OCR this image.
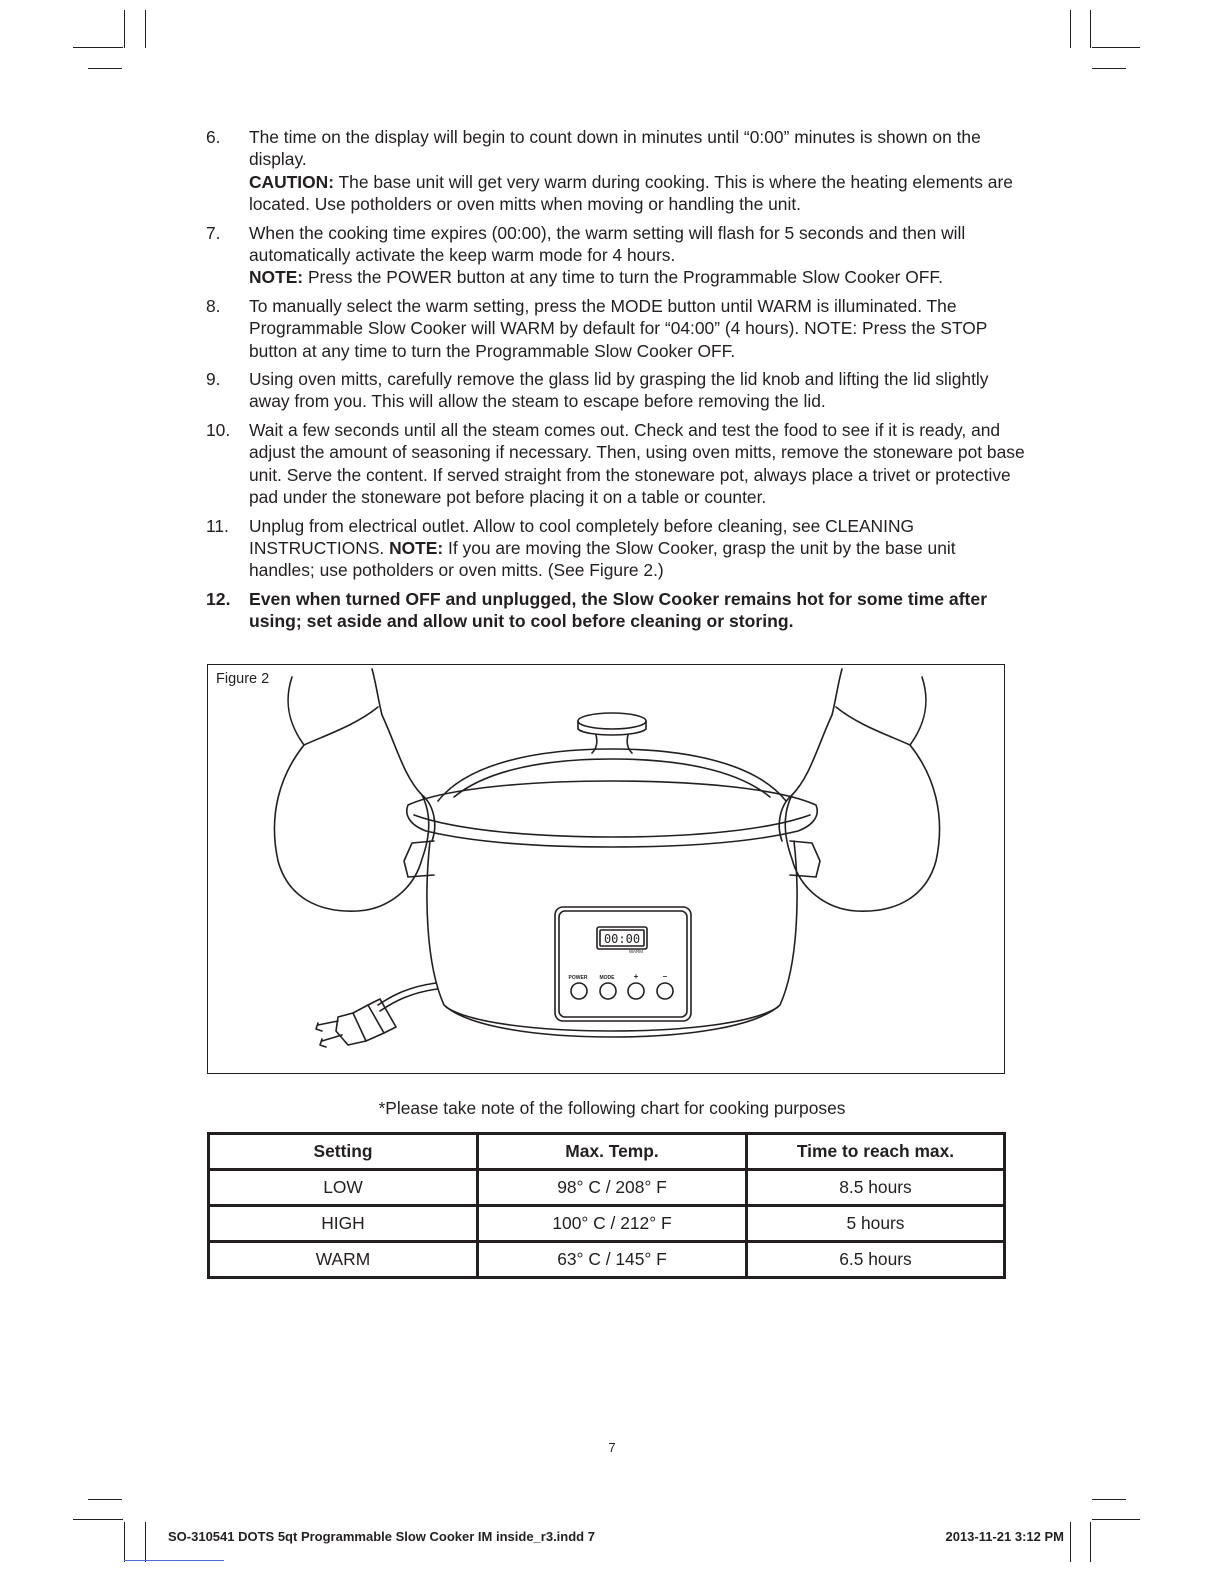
6. The time on the display will begin to count down in minutes until “0:00” minutes is shown on the display.

CAUTION: The base unit will get very warm during cooking. This is where the heating elements are located. Use potholders or oven mitts when moving or handling the unit.

7. When the cooking time expires (00:00), the warm setting will flash for 5 seconds and then will automatically activate the keep warm mode for 4 hours.

NOTE: Press the POWER button at any time to turn the Programmable Slow Cooker OFF.

8. To manually select the warm setting, press the MODE button until WARM is illuminated. The Programmable Slow Cooker will WARM by default for “04:00” (4 hours). NOTE: Press the STOP button at any time to turn the Programmable Slow Cooker OFF.

9. Using oven mitts, carefully remove the glass lid by grasping the lid knob and lifting the lid slightly away from you. This will allow the steam to escape before removing the lid.

10. Wait a few seconds until all the steam comes out. Check and test the food to see if it is ready, and adjust the amount of seasoning if necessary. Then, using oven mitts, remove the stoneware pot base unit. Serve the content. If served straight from the stoneware pot, always place a trivet or protective pad under the stoneware pot before placing it on a table or counter.

11. Unplug from electrical outlet. Allow to cool completely before cleaning, see CLEANING INSTRUCTIONS. NOTE: If you are moving the Slow Cooker, grasp the unit by the base unit handles; use potholders or oven mitts. (See Figure 2.)

12. Even when turned OFF and unplugged, the Slow Cooker remains hot for some time after using; set aside and allow unit to cool before cleaning or storing.

Figure 2
00:00
WARM
POWER MODE +	–
*Please take note of the following chart for cooking purposes
Setting	Max. Temp.	Time to reach max.
LOW	98° C / 208° F	8.5 hours
HIGH	100° C / 212° F	5 hours
WARM	63° C / 145° F	6.5 hours
7
SO-310541 DOTS 5qt Programmable Slow Cooker IM inside_r3.indd 7	2013-11-21 3:12 PM
